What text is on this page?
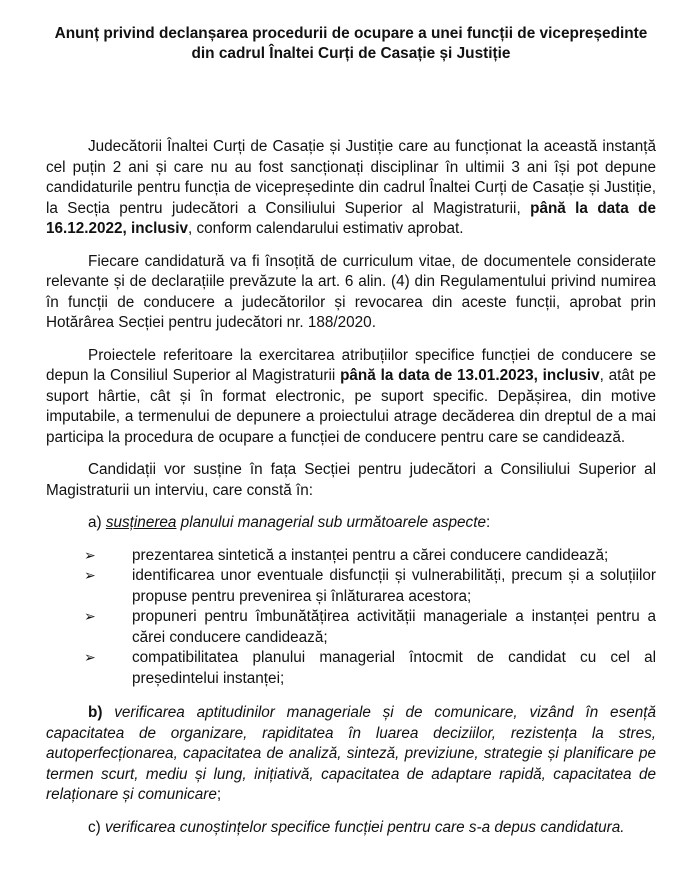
Anunț privind declanșarea procedurii de ocupare a unei funcții de vicepreședinte
din cadrul Înaltei Curți de Casație și Justiție

Judecătorii Înaltei Curți de Casație și Justiție care au funcționat la această instanță cel puțin 2 ani și care nu au fost sancționați disciplinar în ultimii 3 ani își pot depune candidaturile pentru funcția de vicepreședinte din cadrul Înaltei Curți de Casație și Justiție, la Secția pentru judecători a Consiliului Superior al Magistraturii, până la data de 16.12.2022, inclusiv, conform calendarului estimativ aprobat.

Fiecare candidatură va fi însoțită de curriculum vitae, de documentele considerate relevante și de declarațiile prevăzute la art. 6 alin. (4) din Regulamentului privind numirea în funcții de conducere a judecătorilor și revocarea din aceste funcții, aprobat prin Hotărârea Secției pentru judecători nr. 188/2020.

Proiectele referitoare la exercitarea atribuțiilor specifice funcției de conducere se depun la Consiliul Superior al Magistraturii până la data de 13.01.2023, inclusiv, atât pe suport hârtie, cât și în format electronic, pe suport specific. Depășirea, din motive imputabile, a termenului de depunere a proiectului atrage decăderea din dreptul de a mai participa la procedura de ocupare a funcției de conducere pentru care se candidează.

Candidații vor susține în fața Secției pentru judecători a Consiliului Superior al Magistraturii un interviu, care constă în:

a) susținerea planului managerial sub următoarele aspecte:

➢ prezentarea sintetică a instanței pentru a cărei conducere candidează;
➢ identificarea unor eventuale disfuncții și vulnerabilități, precum și a soluțiilor propuse pentru prevenirea și înlăturarea acestora;
➢ propuneri pentru îmbunătățirea activității manageriale a instanței pentru a cărei conducere candidează;
➢ compatibilitatea planului managerial întocmit de candidat cu cel al președintelui instanței;

b) verificarea aptitudinilor manageriale și de comunicare, vizând în esență capacitatea de organizare, rapiditatea în luarea deciziilor, rezistența la stres, autoperfecționarea, capacitatea de analiză, sinteză, previziune, strategie și planificare pe termen scurt, mediu și lung, inițiativă, capacitatea de adaptare rapidă, capacitatea de relaționare și comunicare;

c) verificarea cunoștințelor specifice funcției pentru care s-a depus candidatura.
